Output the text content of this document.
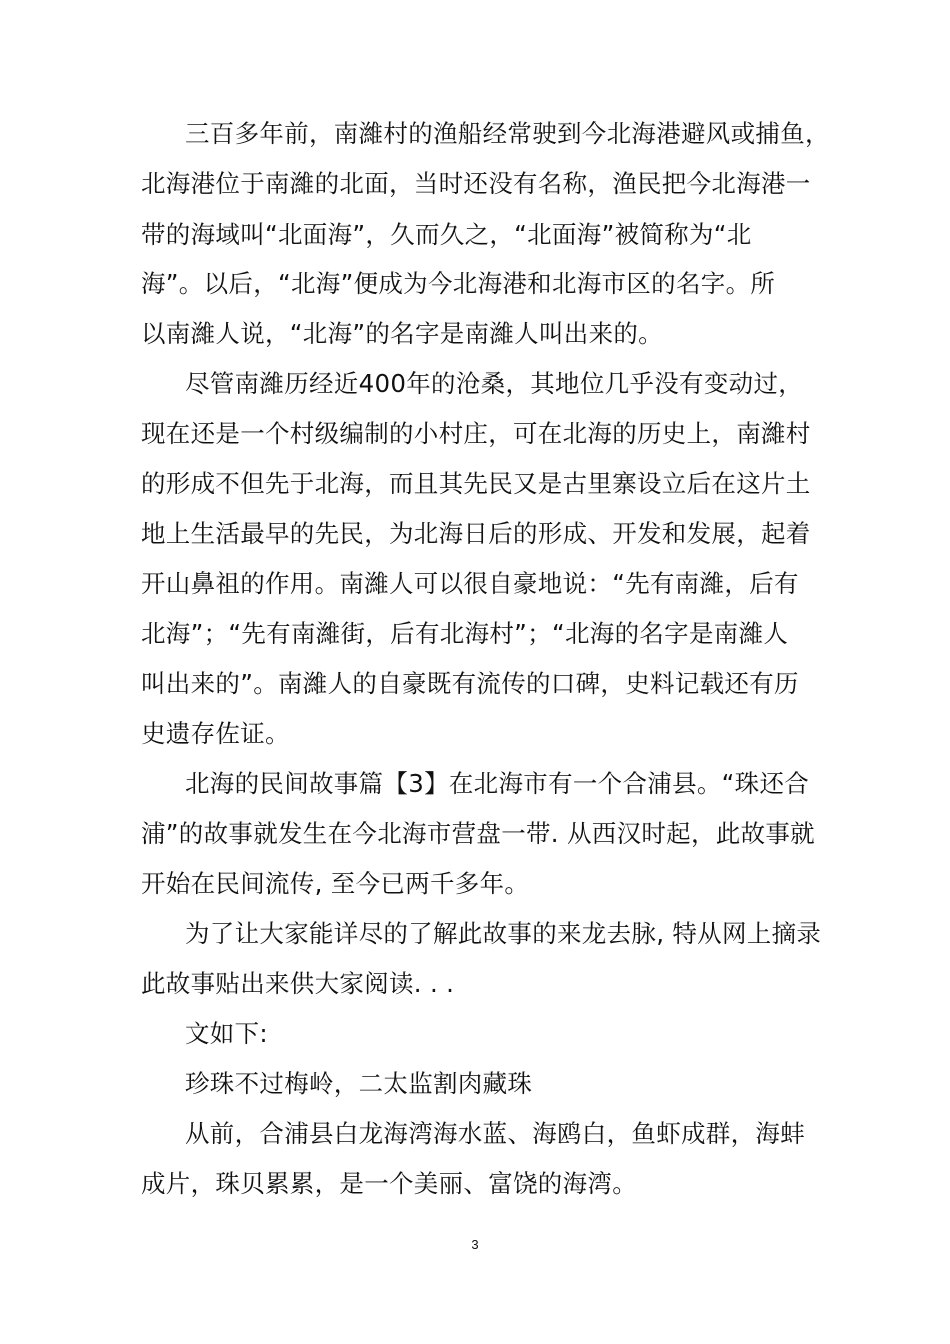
三百多年前，南濰村的渔船经常驶到今北海港避风或捕鱼，
北海港位于南濰的北面，当时还没有名称，渔民把今北海港一
带的海域叫“北面海”，久而久之，“北面海”被简称为“北
海”。以后，“北海”便成为今北海港和北海市区的名字。所
以南濰人说，“北海”的名字是南濰人叫出来的。
尽管南濰历经近400年的沧桑，其地位几乎没有变动过，
现在还是一个村级编制的小村庄，可在北海的历史上，南濰村
的形成不但先于北海，而且其先民又是古里寨设立后在这片土
地上生活最早的先民，为北海日后的形成、开发和发展，起着
开山鼻祖的作用。南濰人可以很自豪地说：“先有南濰，后有
北海”；“先有南濰街，后有北海村”；“北海的名字是南濰人
叫出来的”。南濰人的自豪既有流传的口碑，史料记载还有历
史遗存佐证。
北海的民间故事篇【3】在北海市有一个合浦县。“珠还合
浦”的故事就发生在今北海市营盘一带. 从西汉时起，此故事就
开始在民间流传, 至今已两千多年。
为了让大家能详尽的了解此故事的来龙去脉, 特从网上摘录
此故事贴出来供大家阅读. . .
文如下:
珍珠不过梅岭，二太监割肉藏珠
从前，合浦县白龙海湾海水蓝、海鸥白，鱼虾成群，海蚌
成片，珠贝累累，是一个美丽、富饶的海湾。
3
